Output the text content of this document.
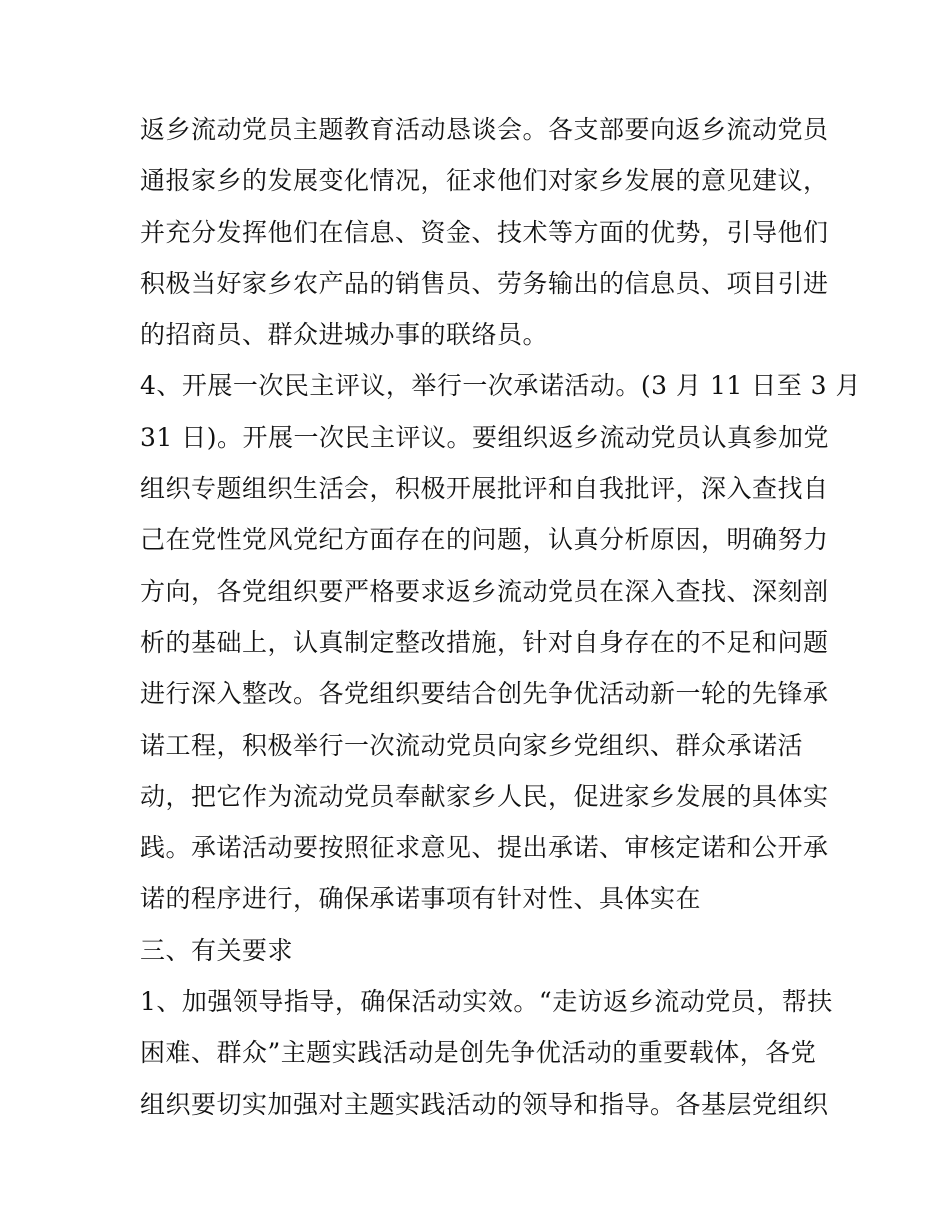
返乡流动党员主题教育活动恳谈会。各支部要向返乡流动党员
通报家乡的发展变化情况，征求他们对家乡发展的意见建议，
并充分发挥他们在信息、资金、技术等方面的优势，引导他们
积极当好家乡农产品的销售员、劳务输出的信息员、项目引进
的招商员、群众进城办事的联络员。
4、开展一次民主评议，举行一次承诺活动。(3 月 11 日至 3 月
31 日)。开展一次民主评议。要组织返乡流动党员认真参加党
组织专题组织生活会，积极开展批评和自我批评，深入查找自
己在党性党风党纪方面存在的问题，认真分析原因，明确努力
方向，各党组织要严格要求返乡流动党员在深入查找、深刻剖
析的基础上，认真制定整改措施，针对自身存在的不足和问题
进行深入整改。各党组织要结合创先争优活动新一轮的先锋承
诺工程，积极举行一次流动党员向家乡党组织、群众承诺活
动，把它作为流动党员奉献家乡人民，促进家乡发展的具体实
践。承诺活动要按照征求意见、提出承诺、审核定诺和公开承
诺的程序进行，确保承诺事项有针对性、具体实在
三、有关要求
1、加强领导指导，确保活动实效。“走访返乡流动党员，帮扶
困难、群众”主题实践活动是创先争优活动的重要载体，各党
组织要切实加强对主题实践活动的领导和指导。各基层党组织
